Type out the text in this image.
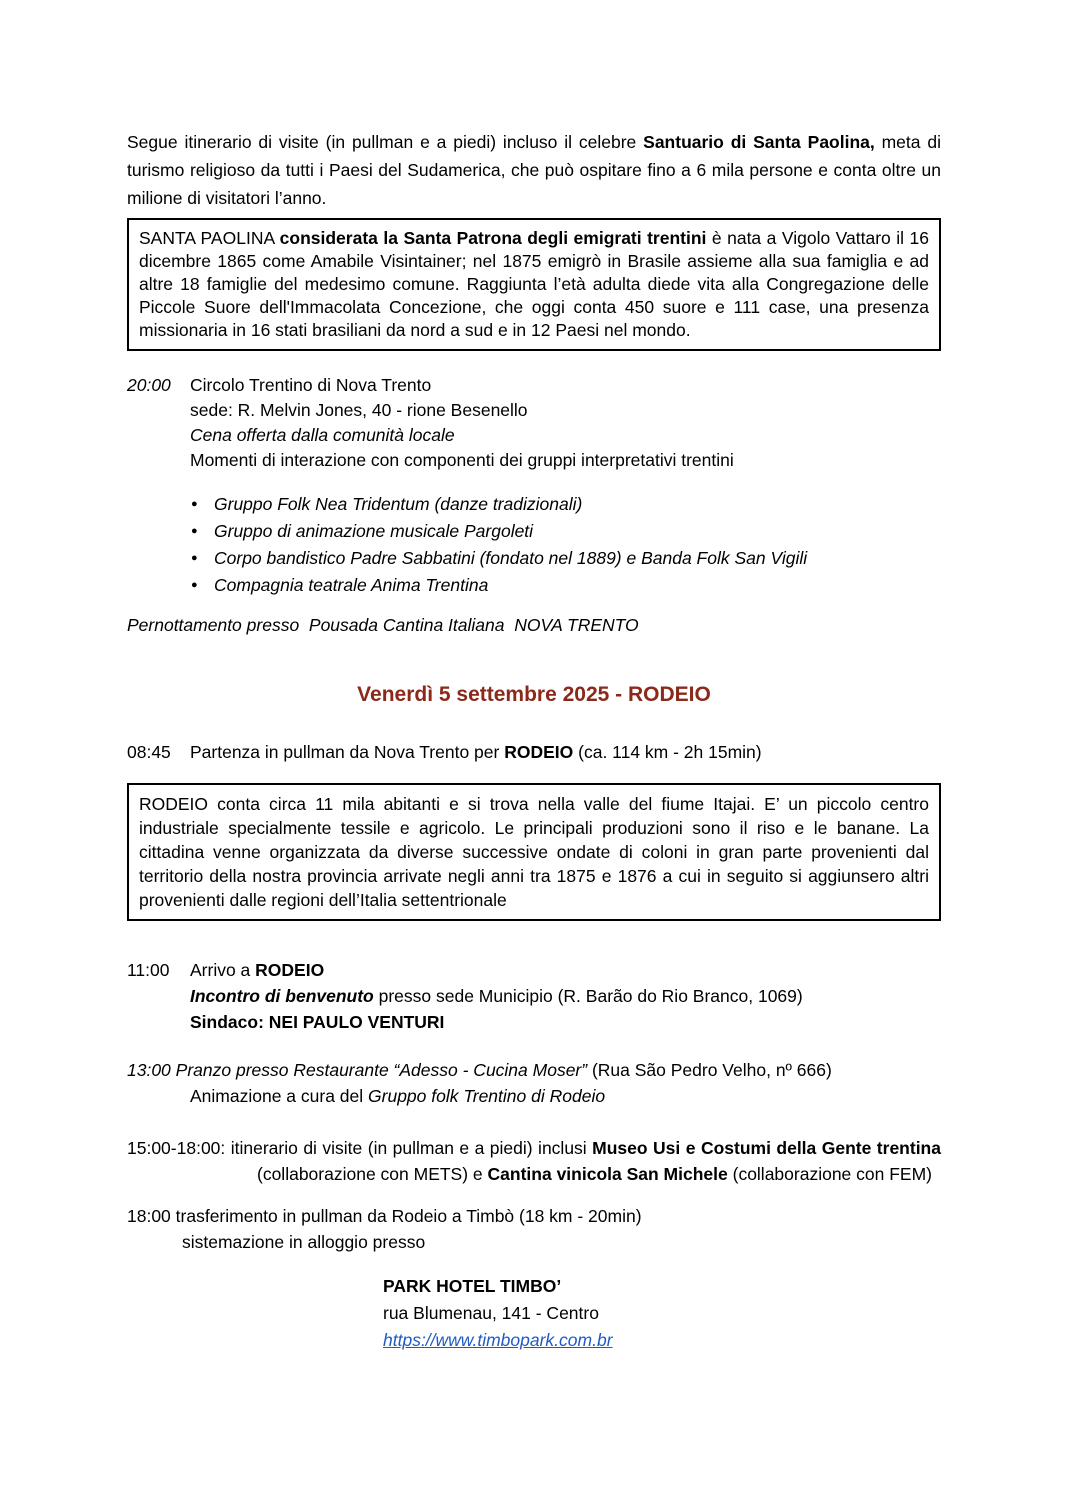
Segue itinerario di visite (in pullman e a piedi) incluso il celebre Santuario di Santa Paolina, meta di turismo religioso da tutti i Paesi del Sudamerica, che può ospitare fino a 6 mila persone e conta oltre un milione di visitatori l’anno.
SANTA PAOLINA considerata la Santa Patrona degli emigrati trentini è nata a Vigolo Vattaro il 16 dicembre 1865 come Amabile Visintainer; nel 1875 emigrò in Brasile assieme alla sua famiglia e ad altre 18 famiglie del medesimo comune. Raggiunta l’età adulta diede vita alla Congregazione delle Piccole Suore dell'Immacolata Concezione, che oggi conta 450 suore e 111 case, una presenza missionaria in 16 stati brasiliani da nord a sud e in 12 Paesi nel mondo.
20:00 Circolo Trentino di Nova Trento
sede: R. Melvin Jones, 40 - rione Besenello
Cena offerta dalla comunità locale
Momenti di interazione con componenti dei gruppi interpretativi trentini
● Gruppo Folk Nea Tridentum (danze tradizionali)
● Gruppo di animazione musicale Pargoleti
● Corpo bandistico Padre Sabbatini (fondato nel 1889) e Banda Folk San Vigili
● Compagnia teatrale Anima Trentina
Pernottamento presso  Pousada Cantina Italiana  NOVA TRENTO
Venerdì 5 settembre 2025 - RODEIO
08:45 Partenza in pullman da Nova Trento per RODEIO (ca. 114 km - 2h 15min)
RODEIO conta circa 11 mila abitanti e si trova nella valle del fiume Itajai. E’ un piccolo centro industriale specialmente tessile e agricolo. Le principali produzioni sono il riso e le banane. La cittadina venne organizzata da diverse successive ondate di coloni in gran parte provenienti dal territorio della nostra provincia arrivate negli anni tra 1875 e 1876 a cui in seguito si aggiunsero altri provenienti dalle regioni dell’Italia settentrionale
11:00 Arrivo a RODEIO
Incontro di benvenuto presso sede Municipio (R. Barão do Rio Branco, 1069)
Sindaco: NEI PAULO VENTURI
13:00 Pranzo presso Restaurante “Adesso - Cucina Moser” (Rua São Pedro Velho, nº 666)
Animazione a cura del Gruppo folk Trentino di Rodeio
15:00-18:00: itinerario di visite (in pullman e a piedi) inclusi Museo Usi e Costumi della Gente trentina (collaborazione con METS) e Cantina vinicola San Michele (collaborazione con FEM)
18:00 trasferimento in pullman da Rodeio a Timbò (18 km - 20min)
sistemazione in alloggio presso
PARK HOTEL TIMBO’
rua Blumenau, 141 - Centro
https://www.timbopark.com.br
